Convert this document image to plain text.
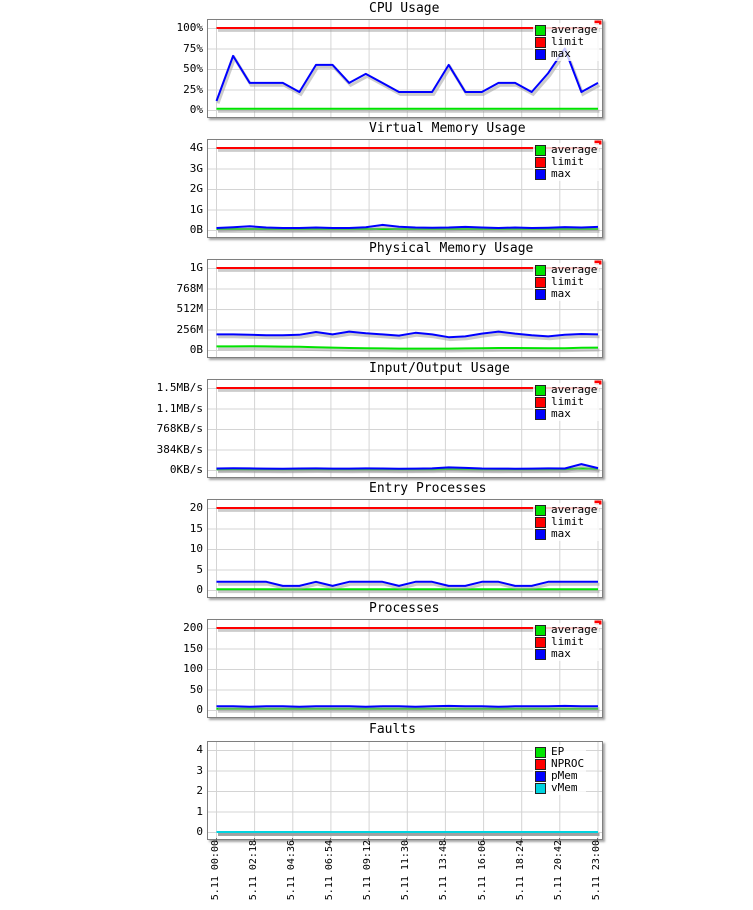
CPU Usage
100%
75%
50%
25%
0%
average
limit
max
Virtual Memory Usage
4G
3G
2G
1G
0B
average
limit
max
Physical Memory Usage
1G
768M
512M
256M
0B
average
limit
max
Input/Output Usage
1.5MB/s
1.1MB/s
768KB/s
384KB/s
0KB/s
average
limit
max
Entry Processes
20
15
10
5
0
average
limit
max
Processes
200
150
100
50
0
average
limit
max
Faults
4
3
2
1
0
EP
NPROC
pMem
vMem
5.11 00:00	5.11 02:18	5.11 04:36	5.11 06:54	5.11 09:12	5.11 11:30	5.11 13:48	5.11 16:06	5.11 18:24	5.11 20:42	5.11 23:00
